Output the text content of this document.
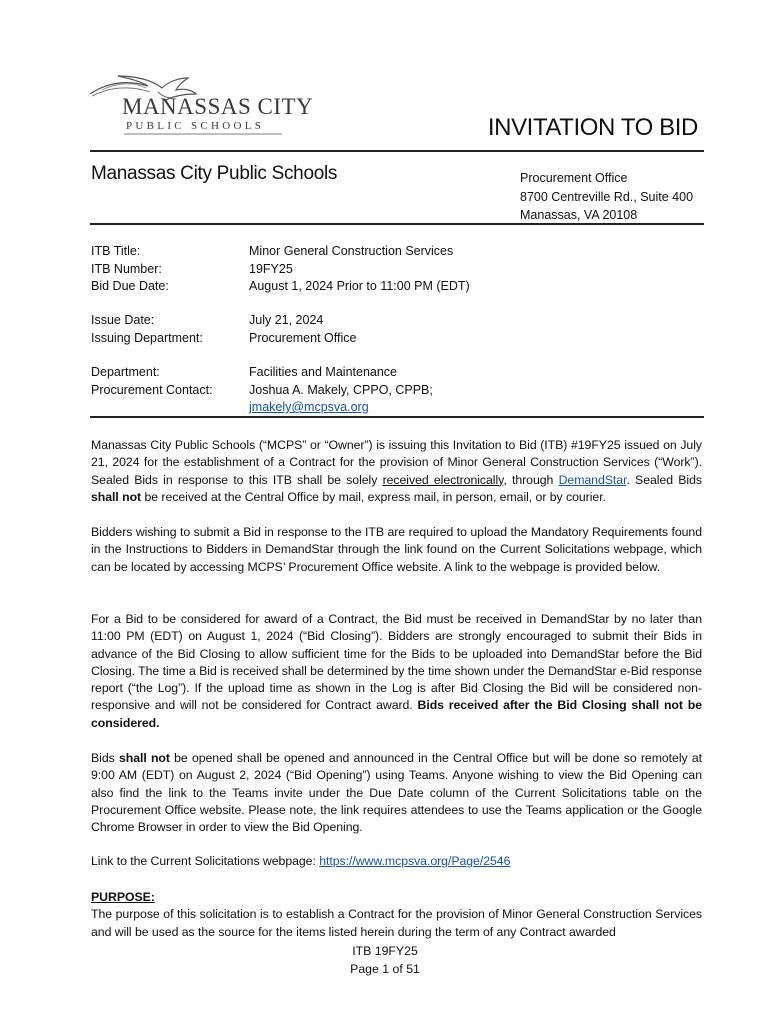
MANASSAS CITY
PUBLIC SCHOOLS	INVITATION TO BID
Manassas City Public Schools	Procurement Office
8700 Centreville Rd., Suite 400
Manassas, VA 20108
ITB Title:	Minor General Construction Services
ITB Number:	19FY25
Bid Due Date:	August 1, 2024 Prior to 11:00 PM (EDT)
Issue Date:	July 21, 2024
Issuing Department:	Procurement Office
Department:	Facilities and Maintenance
Procurement Contact:	Joshua A. Makely, CPPO, CPPB;
jmakely@mcpsva.org

Manassas City Public Schools (“MCPS” or “Owner”) is issuing this Invitation to Bid (ITB) #19FY25 issued on July 21, 2024 for the establishment of a Contract for the provision of Minor General Construction Services (“Work”). Sealed Bids in response to this ITB shall be solely received electronically, through DemandStar. Sealed Bids shall not be received at the Central Office by mail, express mail, in person, email, or by courier.

Bidders wishing to submit a Bid in response to the ITB are required to upload the Mandatory Requirements found in the Instructions to Bidders in DemandStar through the link found on the Current Solicitations webpage, which can be located by accessing MCPS’ Procurement Office website. A link to the webpage is provided below.

For a Bid to be considered for award of a Contract, the Bid must be received in DemandStar by no later than 11:00 PM (EDT) on August 1, 2024 (“Bid Closing”). Bidders are strongly encouraged to submit their Bids in advance of the Bid Closing to allow sufficient time for the Bids to be uploaded into DemandStar before the Bid Closing. The time a Bid is received shall be determined by the time shown under the DemandStar e-Bid response report (“the Log”). If the upload time as shown in the Log is after Bid Closing the Bid will be considered non-responsive and will not be considered for Contract award. Bids received after the Bid Closing shall not be considered.

Bids shall not be opened shall be opened and announced in the Central Office but will be done so remotely at 9:00 AM (EDT) on August 2, 2024 (“Bid Opening”) using Teams. Anyone wishing to view the Bid Opening can also find the link to the Teams invite under the Due Date column of the Current Solicitations table on the Procurement Office website. Please note, the link requires attendees to use the Teams application or the Google Chrome Browser in order to view the Bid Opening.

Link to the Current Solicitations webpage: https://www.mcpsva.org/Page/2546

PURPOSE:

The purpose of this solicitation is to establish a Contract for the provision of Minor General Construction Services and will be used as the source for the items listed herein during the term of any Contract awarded

ITB 19FY25
Page 1 of 51
